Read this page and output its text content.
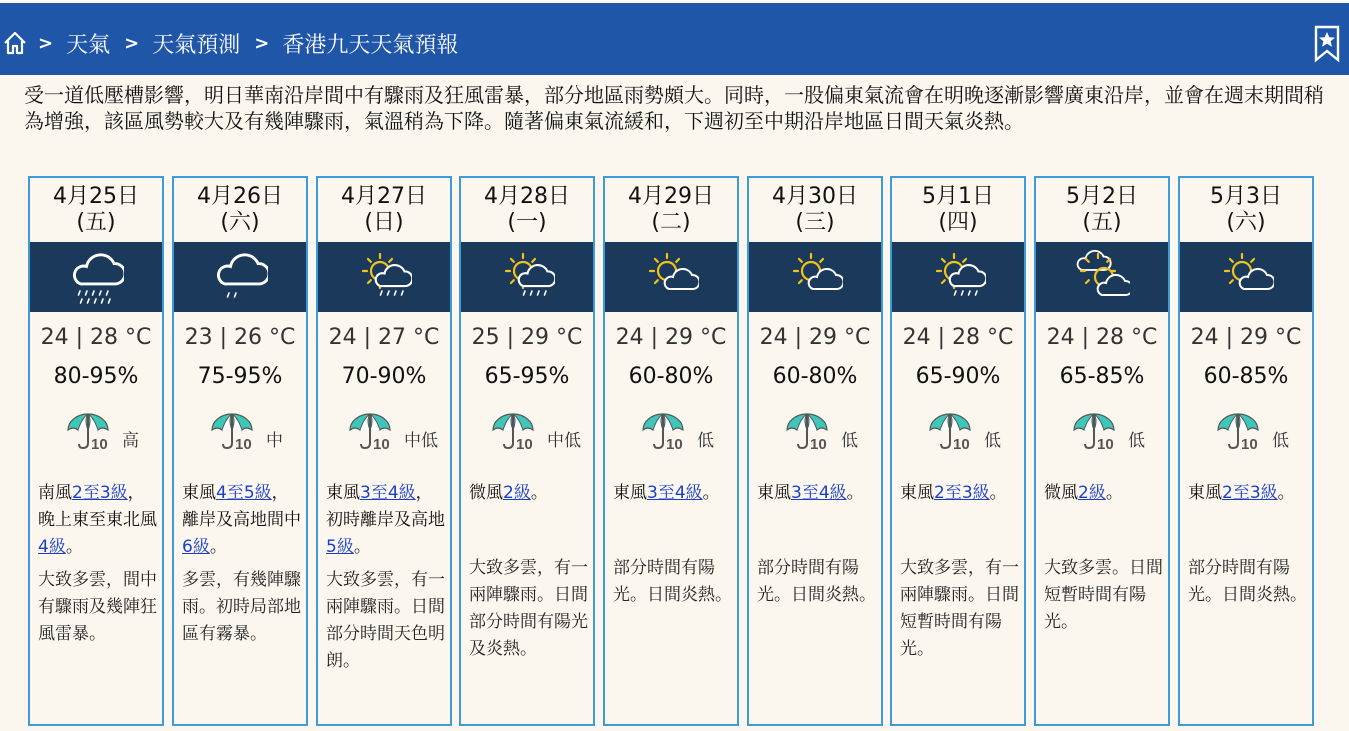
> 天氣 > 天氣預測 > 香港九天天氣預報
受一道低壓槽影響，明日華南沿岸間中有驟雨及狂風雷暴，部分地區雨勢頗大。同時，一股偏東氣流會在明晚逐漸影響廣東沿岸，並會在週末期間稍為增強，該區風勢較大及有幾陣驟雨，氣溫稍為下降。隨著偏東氣流緩和，下週初至中期沿岸地區日間天氣炎熱。
4月25日
(五)
24 | 28 °C
80-95%
10 高
南風2至3級，晚上東至東北風4級。
大致多雲，間中有驟雨及幾陣狂風雷暴。
4月26日
(六)
23 | 26 °C
75-95%
10 中
東風4至5級，離岸及高地間中6級。
多雲，有幾陣驟雨。初時局部地區有霧暴。
4月27日
(日)
24 | 27 °C
70-90%
10 中低
東風3至4級，初時離岸及高地5級。
大致多雲，有一兩陣驟雨。日間部分時間天色明朗。
4月28日
(一)
25 | 29 °C
65-95%
10 中低
微風2級。
大致多雲，有一兩陣驟雨。日間部分時間有陽光及炎熱。
4月29日
(二)
24 | 29 °C
60-80%
10 低
東風3至4級。
部分時間有陽光。日間炎熱。
4月30日
(三)
24 | 29 °C
60-80%
10 低
東風3至4級。
部分時間有陽光。日間炎熱。
5月1日
(四)
24 | 28 °C
65-90%
10 低
東風2至3級。
大致多雲，有一兩陣驟雨。日間短暫時間有陽光。
5月2日
(五)
24 | 28 °C
65-85%
10 低
微風2級。
大致多雲。日間短暫時間有陽光。
5月3日
(六)
24 | 29 °C
60-85%
10 低
東風2至3級。
部分時間有陽光。日間炎熱。
